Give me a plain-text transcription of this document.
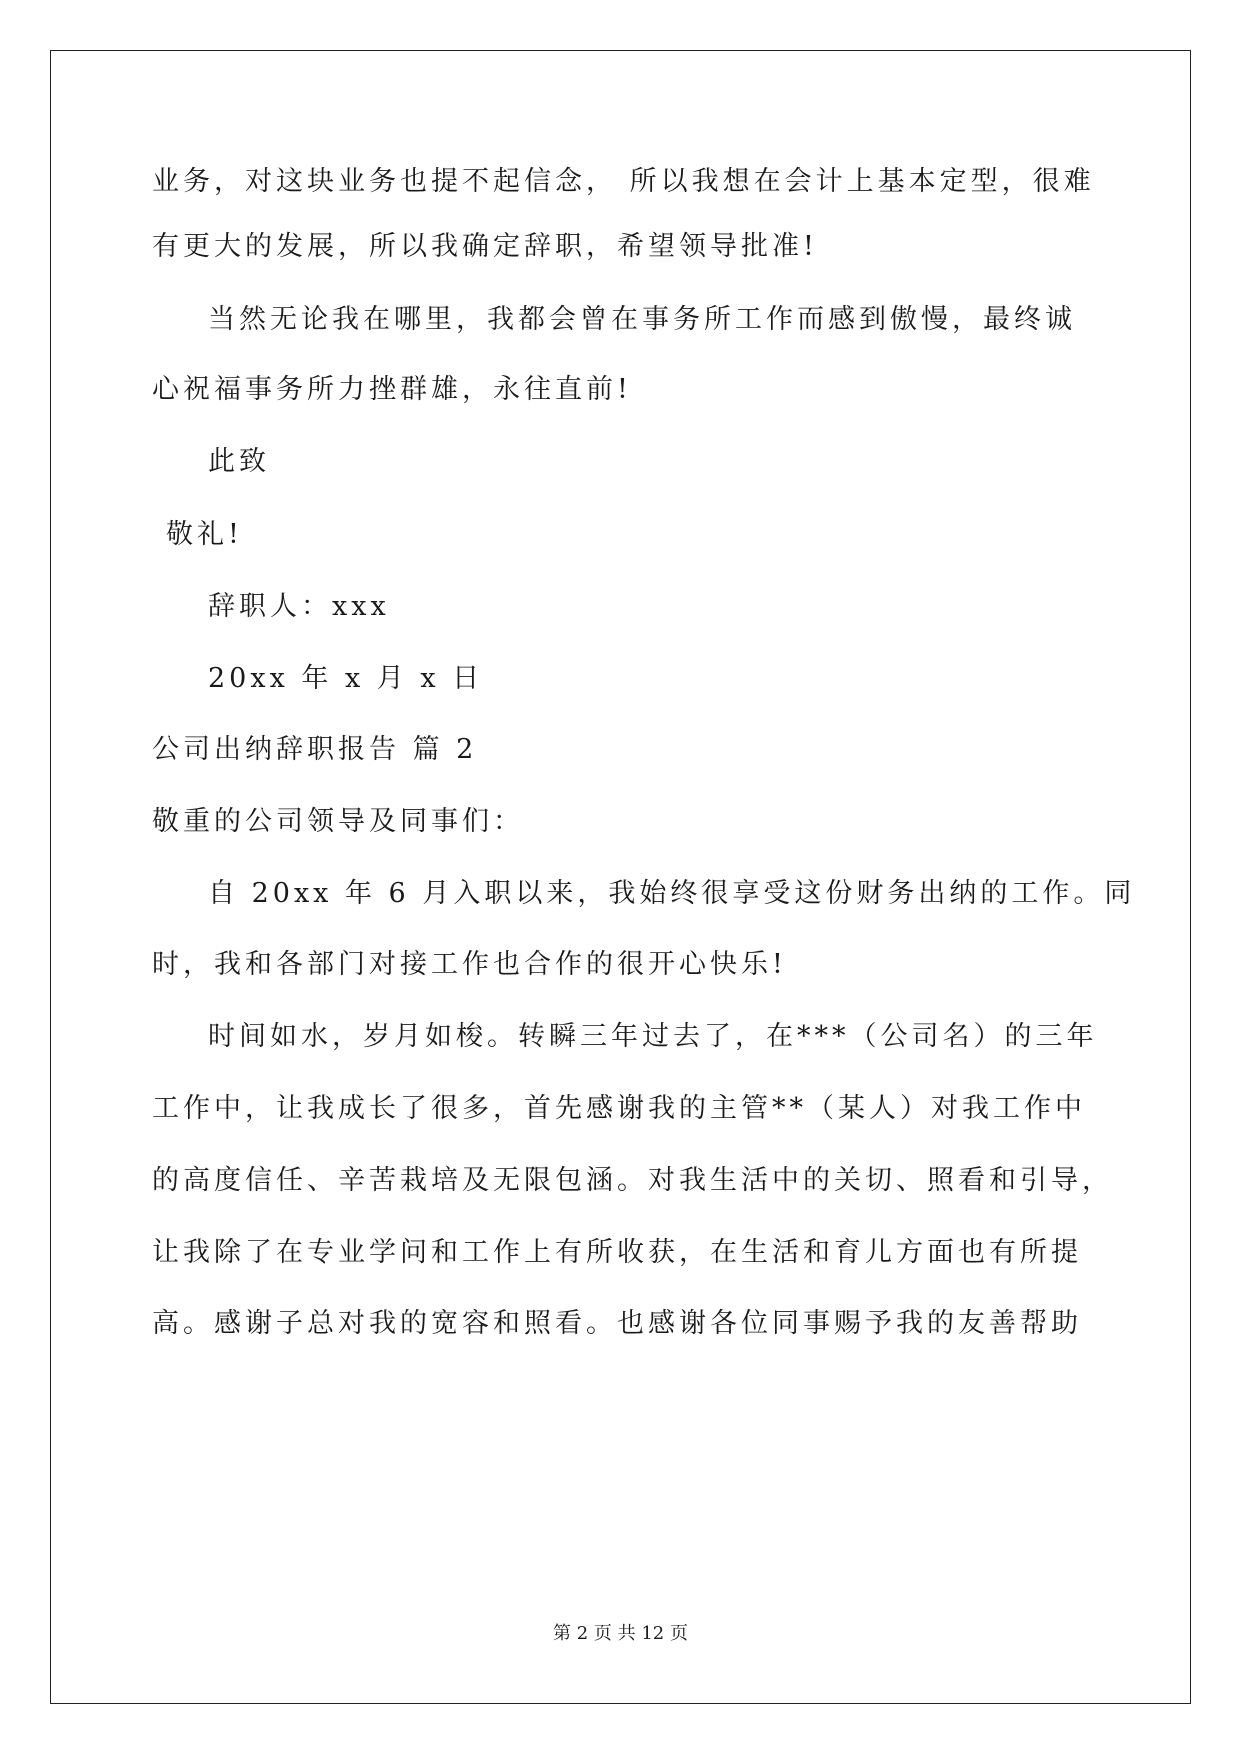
业务，对这块业务也提不起信念， 所以我想在会计上基本定型，很难
有更大的发展，所以我确定辞职，希望领导批准!
当然无论我在哪里，我都会曾在事务所工作而感到傲慢，最终诚
心祝福事务所力挫群雄，永往直前!
此致
敬礼!
辞职人：xxx
20xx 年 x 月 x 日
公司出纳辞职报告 篇 2
敬重的公司领导及同事们：
自 20xx 年 6 月入职以来，我始终很享受这份财务出纳的工作。同
时，我和各部门对接工作也合作的很开心快乐!
时间如水，岁月如梭。转瞬三年过去了，在***（公司名）的三年
工作中，让我成长了很多，首先感谢我的主管**（某人）对我工作中
的高度信任、辛苦栽培及无限包涵。对我生活中的关切、照看和引导，
让我除了在专业学问和工作上有所收获，在生活和育儿方面也有所提
高。感谢子总对我的宽容和照看。也感谢各位同事赐予我的友善帮助
第 2 页 共 12 页
